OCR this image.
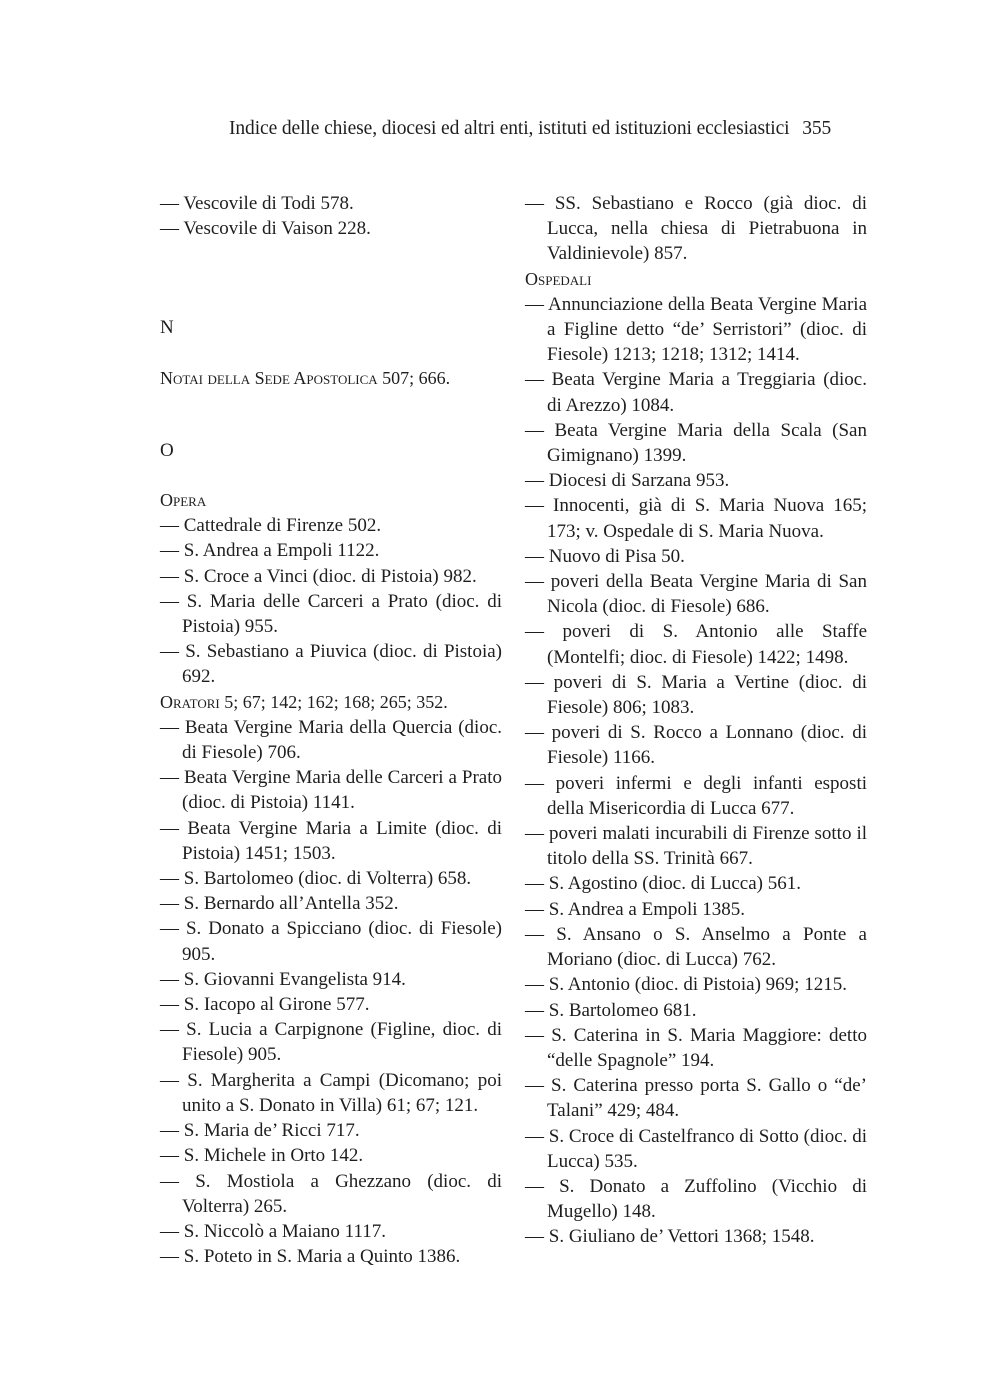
Indice delle chiese, diocesi ed altri enti, istituti ed istituzioni ecclesiastici 355
— Vescovile di Todi 578.
— Vescovile di Vaison 228.
N
Notai della Sede Apostolica 507; 666.
O
Opera
— Cattedrale di Firenze 502.
— S. Andrea a Empoli 1122.
— S. Croce a Vinci (dioc. di Pistoia) 982.
— S. Maria delle Carceri a Prato (dioc. di Pistoia) 955.
— S. Sebastiano a Piuvica (dioc. di Pistoia) 692.
Oratori 5; 67; 142; 162; 168; 265; 352.
— Beata Vergine Maria della Quercia (dioc. di Fiesole) 706.
— Beata Vergine Maria delle Carceri a Prato (dioc. di Pistoia) 1141.
— Beata Vergine Maria a Limite (dioc. di Pistoia) 1451; 1503.
— S. Bartolomeo (dioc. di Volterra) 658.
— S. Bernardo all’Antella 352.
— S. Donato a Spicciano (dioc. di Fiesole) 905.
— S. Giovanni Evangelista 914.
— S. Iacopo al Girone 577.
— S. Lucia a Carpignone (Figline, dioc. di Fiesole) 905.
— S. Margherita a Campi (Dicomano; poi unito a S. Donato in Villa) 61; 67; 121.
— S. Maria de’ Ricci 717.
— S. Michele in Orto 142.
— S. Mostiola a Ghezzano (dioc. di Volterra) 265.
— S. Niccolò a Maiano 1117.
— S. Poteto in S. Maria a Quinto 1386.
— SS. Sebastiano e Rocco (già dioc. di Lucca, nella chiesa di Pietrabuona in Valdinievole) 857.
Ospedali
— Annunciazione della Beata Vergine Maria a Figline detto “de’ Serristori” (dioc. di Fiesole) 1213; 1218; 1312; 1414.
— Beata Vergine Maria a Treggiaria (dioc. di Arezzo) 1084.
— Beata Vergine Maria della Scala (San Gimignano) 1399.
— Diocesi di Sarzana 953.
— Innocenti, già di S. Maria Nuova 165; 173; v. Ospedale di S. Maria Nuova.
— Nuovo di Pisa 50.
— poveri della Beata Vergine Maria di San Nicola (dioc. di Fiesole) 686.
— poveri di S. Antonio alle Staffe (Montelfi; dioc. di Fiesole) 1422; 1498.
— poveri di S. Maria a Vertine (dioc. di Fiesole) 806; 1083.
— poveri di S. Rocco a Lonnano (dioc. di Fiesole) 1166.
— poveri infermi e degli infanti esposti della Misericordia di Lucca 677.
— poveri malati incurabili di Firenze sotto il titolo della SS. Trinità 667.
— S. Agostino (dioc. di Lucca) 561.
— S. Andrea a Empoli 1385.
— S. Ansano o S. Anselmo a Ponte a Moriano (dioc. di Lucca) 762.
— S. Antonio (dioc. di Pistoia) 969; 1215.
— S. Bartolomeo 681.
— S. Caterina in S. Maria Maggiore: detto “delle Spagnole” 194.
— S. Caterina presso porta S. Gallo o “de’ Talani” 429; 484.
— S. Croce di Castelfranco di Sotto (dioc. di Lucca) 535.
— S. Donato a Zuffolino (Vicchio di Mugello) 148.
— S. Giuliano de’ Vettori 1368; 1548.
